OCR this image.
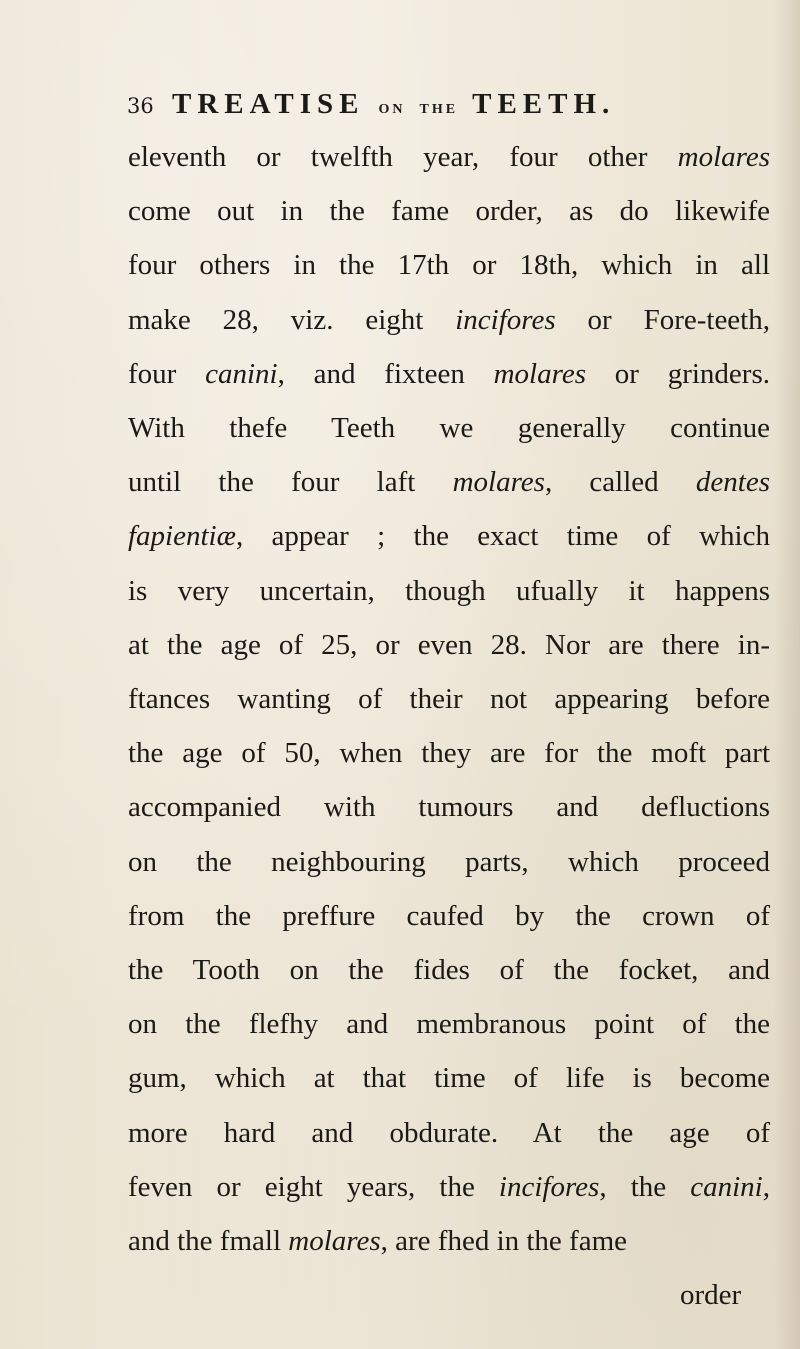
36 TREATISE ON THE TEETH.
eleventh or twelfth year, four other molares
come out in the fame order, as do likewife
four others in the 17th or 18th, which in all
make 28, viz. eight incifores or Fore-teeth,
four canini, and fixteen molares or grinders.
With thefe Teeth we generally continue
until the four laft molares, called dentes
fapientiæ, appear ; the exact time of which
is very uncertain, though ufually it happens
at the age of 25, or even 28. Nor are there in-
ftances wanting of their not appearing before
the age of 50, when they are for the moft part
accompanied with tumours and defluctions
on the neighbouring parts, which proceed
from the preffure caufed by the crown of
the Tooth on the fides of the focket, and
on the flefhy and membranous point of the
gum, which at that time of life is become
more hard and obdurate. At the age of
feven or eight years, the incifores, the canini,
and the fmall molares, are fhed in the fame
order
